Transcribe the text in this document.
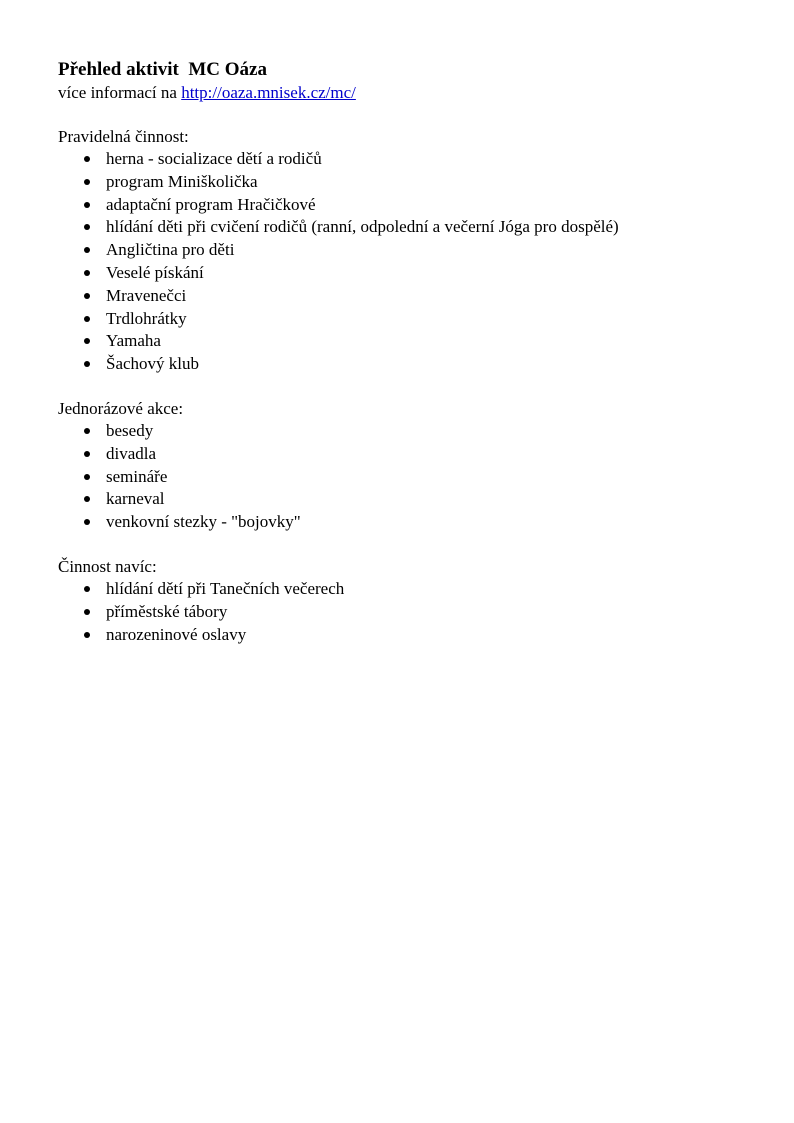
Přehled aktivit  MC Oáza

více informací na http://oaza.mnisek.cz/mc/

Pravidelná činnost:

herna - socializace dětí a rodičů
program Miniškolička
adaptační program Hračičkové
hlídání děti při cvičení rodičů (ranní, odpolední a večerní Jóga pro dospělé)
Angličtina pro děti
Veselé pískání
Mravenečci
Trdlohrátky
Yamaha
Šachový klub

Jednorázové akce:

besedy
divadla
semináře
karneval
venkovní stezky - "bojovky"

Činnost navíc:

hlídání dětí při Tanečních večerech
příměstské tábory
narozeninové oslavy
